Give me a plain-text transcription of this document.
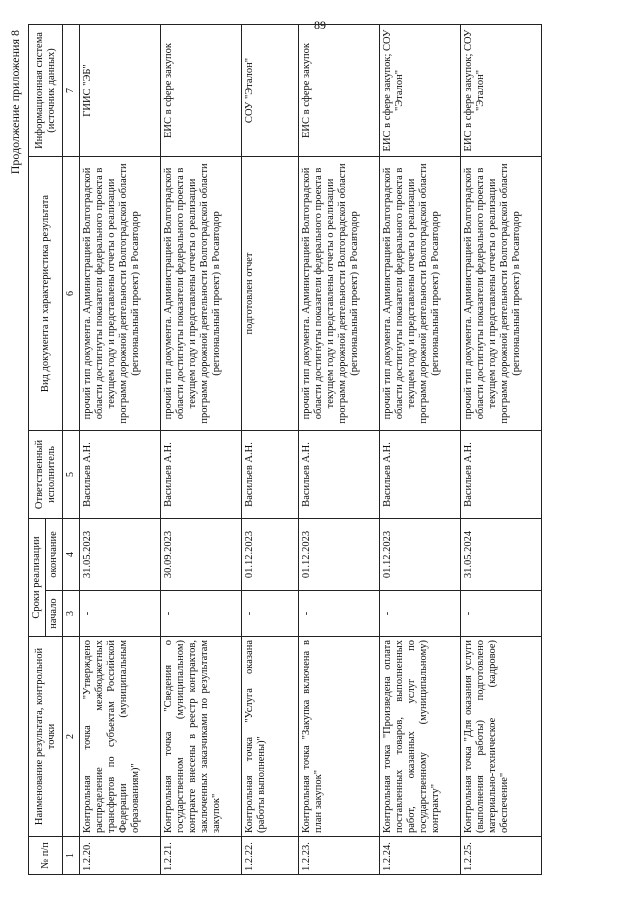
89
Продолжение приложения 8
№ п/п	Наименование результата, контрольной точки	Сроки реализации		Ответственный исполнитель	Вид документа и характеристика результата	Информационная система (источник данных)
		начало	окончание			
1	2	3	4	5	6	7
1.2.20.	Контрольная точка "Утверждено распределение межбюджетных трансфертов по субъектам Российской Федерации (муниципальным образованиям)"	-	31.05.2023	Васильев А.Н.	прочий тип документа. Администрацией Волгоградской области достигнуты показатели федерального проекта в текущем году и представлены отчеты о реализации программ дорожной деятельности Волгоградской области (региональный проект) в Росавтодор	ГИИС "ЭБ"
1.2.21.	Контрольная точка "Сведения о государственном (муниципальном) контракте внесены в реестр контрактов, заключенных заказчиками по результатам закупок"	-	30.09.2023	Васильев А.Н.	прочий тип документа. Администрацией Волгоградской области достигнуты показатели федерального проекта в текущем году и представлены отчеты о реализации программ дорожной деятельности Волгоградской области (региональный проект) в Росавтодор	ЕИС в сфере закупок
1.2.22.	Контрольная точка "Услуга оказана (работы выполнены)"	-	01.12.2023	Васильев А.Н.	подготовлен отчет	СОУ "Эталон"
1.2.23.	Контрольная точка "Закупка включена в план закупок"	-	01.12.2023	Васильев А.Н.	прочий тип документа. Администрацией Волгоградской области достигнуты показатели федерального проекта в текущем году и представлены отчеты о реализации программ дорожной деятельности Волгоградской области (региональный проект) в Росавтодор	ЕИС в сфере закупок
1.2.24.	Контрольная точка "Произведена оплата поставленных товаров, выполненных работ, оказанных услуг по государственному (муниципальному) контракту"	-	01.12.2023	Васильев А.Н.	прочий тип документа. Администрацией Волгоградской области достигнуты показатели федерального проекта в текущем году и представлены отчеты о реализации программ дорожной деятельности Волгоградской области (региональный проект) в Росавтодор	ЕИС в сфере закупок; СОУ "Эталон"
1.2.25.	Контрольная точка "Для оказания услуги (выполнения работы) подготовлено материально-техническое (кадровое) обеспечение"	-	31.05.2024	Васильев А.Н.	прочий тип документа. Администрацией Волгоградской области достигнуты показатели федерального проекта в текущем году и представлены отчеты о реализации программ дорожной деятельности Волгоградской области (региональный проект) в Росавтодор	ЕИС в сфере закупок; СОУ "Эталон"
